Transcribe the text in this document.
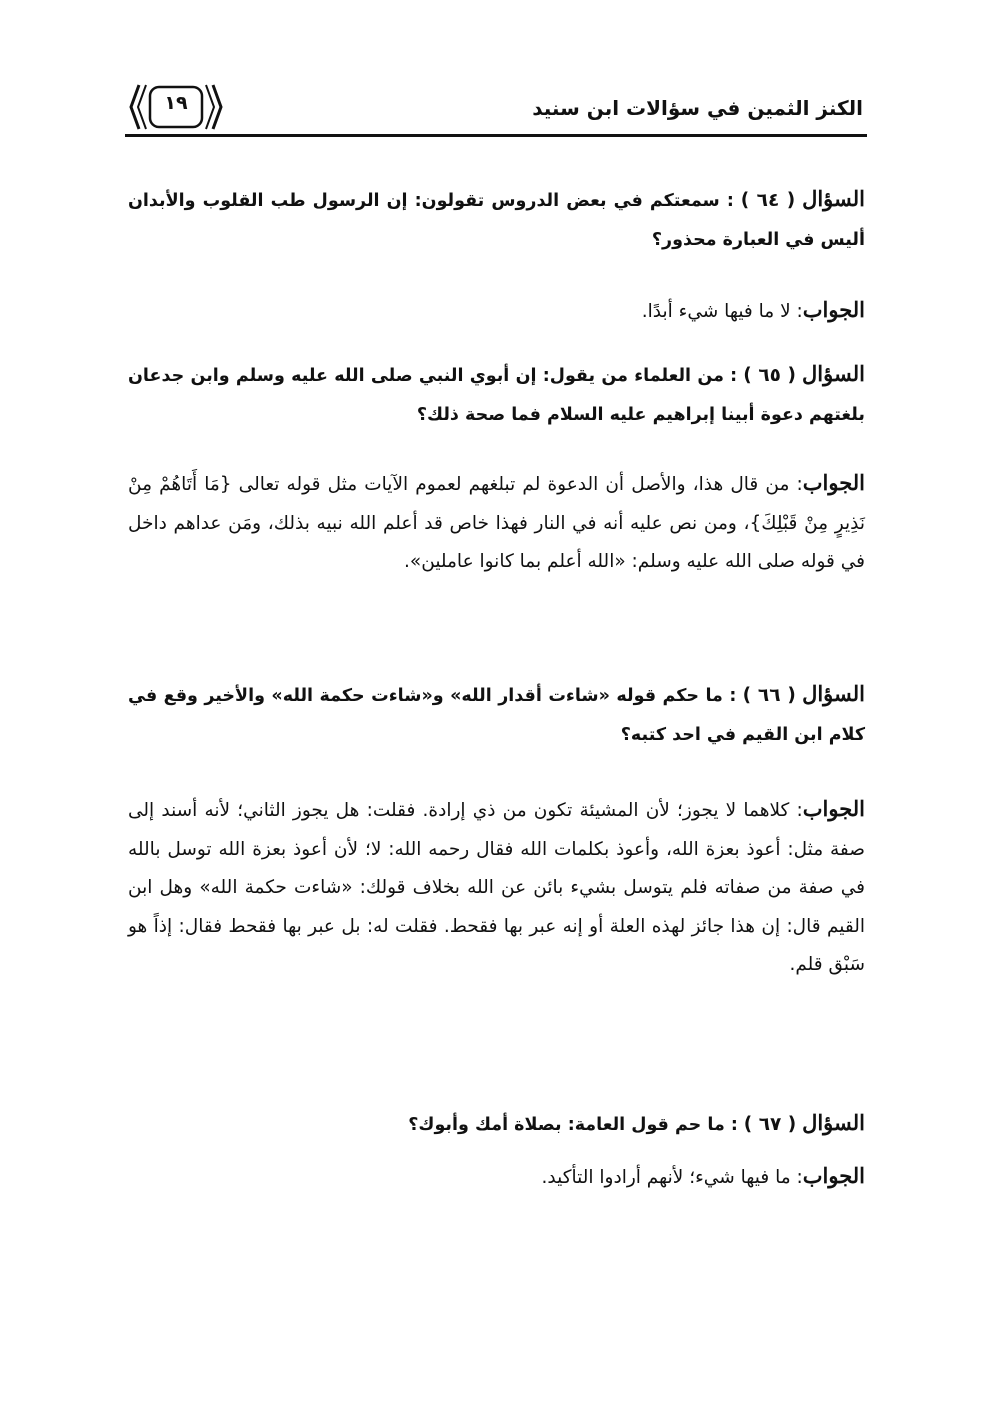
الكنز الثمين في سؤالات ابن سنيد
١٩
السؤال ( ٦٤ ) : سمعتكم في بعض الدروس تقولون: إن الرسول طب القلوب والأبدان أليس في العبارة محذور؟
الجواب: لا ما فيها شيء أبدًا.
السؤال ( ٦٥ ) : من العلماء من يقول: إن أبوي النبي صلى الله عليه وسلم وابن جدعان بلغتهم دعوة أبينا إبراهيم عليه السلام فما صحة ذلك؟
الجواب: من قال هذا، والأصل أن الدعوة لم تبلغهم لعموم الآيات مثل قوله تعالى {مَا أَتَاهُمْ مِنْ نَذِيرٍ مِنْ قَبْلِكَ}، ومن نص عليه أنه في النار فهذا خاص قد أعلم الله نبيه بذلك، ومَن عداهم داخل في قوله صلى الله عليه وسلم: «الله أعلم بما كانوا عاملين».
السؤال ( ٦٦ ) : ما حكم قوله «شاءت أقدار الله» و«شاءت حكمة الله» والأخير وقع في كلام ابن القيم في احد كتبه؟
الجواب: كلاهما لا يجوز؛ لأن المشيئة تكون من ذي إرادة. فقلت: هل يجوز الثاني؛ لأنه أسند إلى صفة مثل: أعوذ بعزة الله، وأعوذ بكلمات الله فقال رحمه الله: لا؛ لأن أعوذ بعزة الله توسل بالله في صفة من صفاته فلم يتوسل بشيء بائن عن الله بخلاف قولك: «شاءت حكمة الله» وهل ابن القيم قال: إن هذا جائز لهذه العلة أو إنه عبر بها فقحط. فقلت له: بل عبر بها فقحط فقال: إذاً هو سَبْق قلم.
السؤال ( ٦٧ ) : ما حم قول العامة: بصلاة أمك وأبوك؟
الجواب: ما فيها شيء؛ لأنهم أرادوا التأكيد.
